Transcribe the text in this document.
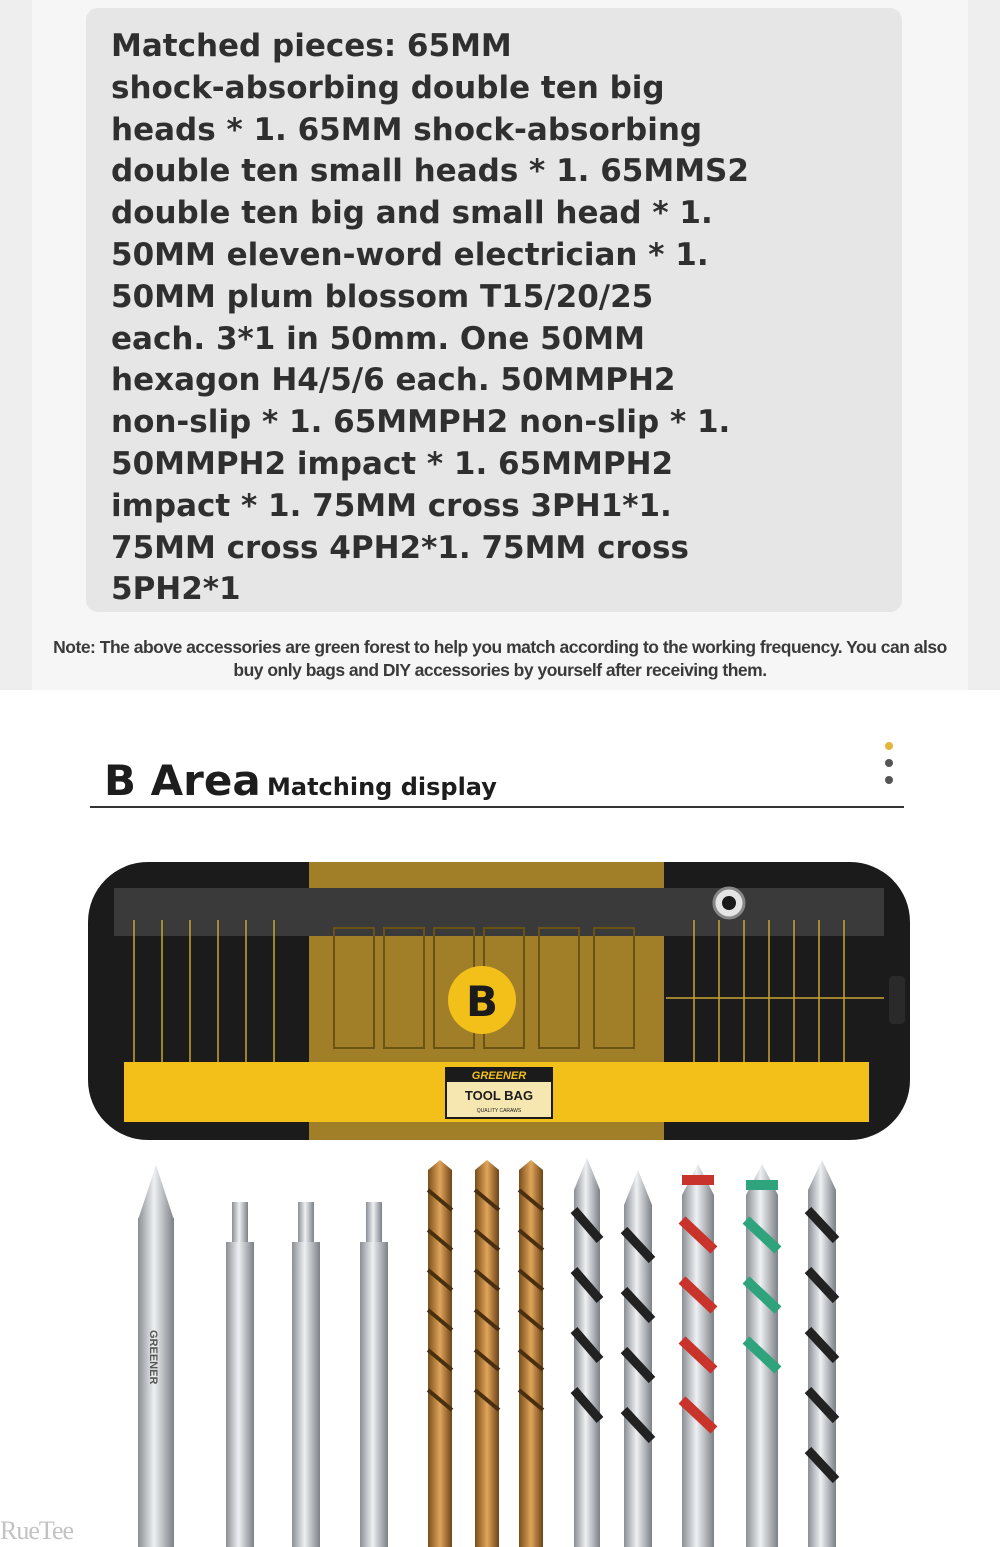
Matched pieces: 65MM
shock-absorbing double ten big
heads * 1. 65MM shock-absorbing
double ten small heads * 1. 65MMS2
double ten big and small head * 1.
50MM eleven-word electrician * 1.
50MM plum blossom T15/20/25
each. 3*1 in 50mm. One 50MM
hexagon H4/5/6 each. 50MMPH2
non-slip * 1. 65MMPH2 non-slip * 1.
50MMPH2 impact * 1. 65MMPH2
impact * 1. 75MM cross 3PH1*1.
75MM cross 4PH2*1. 75MM cross
5PH2*1

Note: The above accessories are green forest to help you match according to the working frequency. You can also buy only bags and DIY accessories by yourself after receiving them.

B Area Matching display
B
GREENER
TOOL BAG
QUALITY CARAWS
GREENER
RueTee
